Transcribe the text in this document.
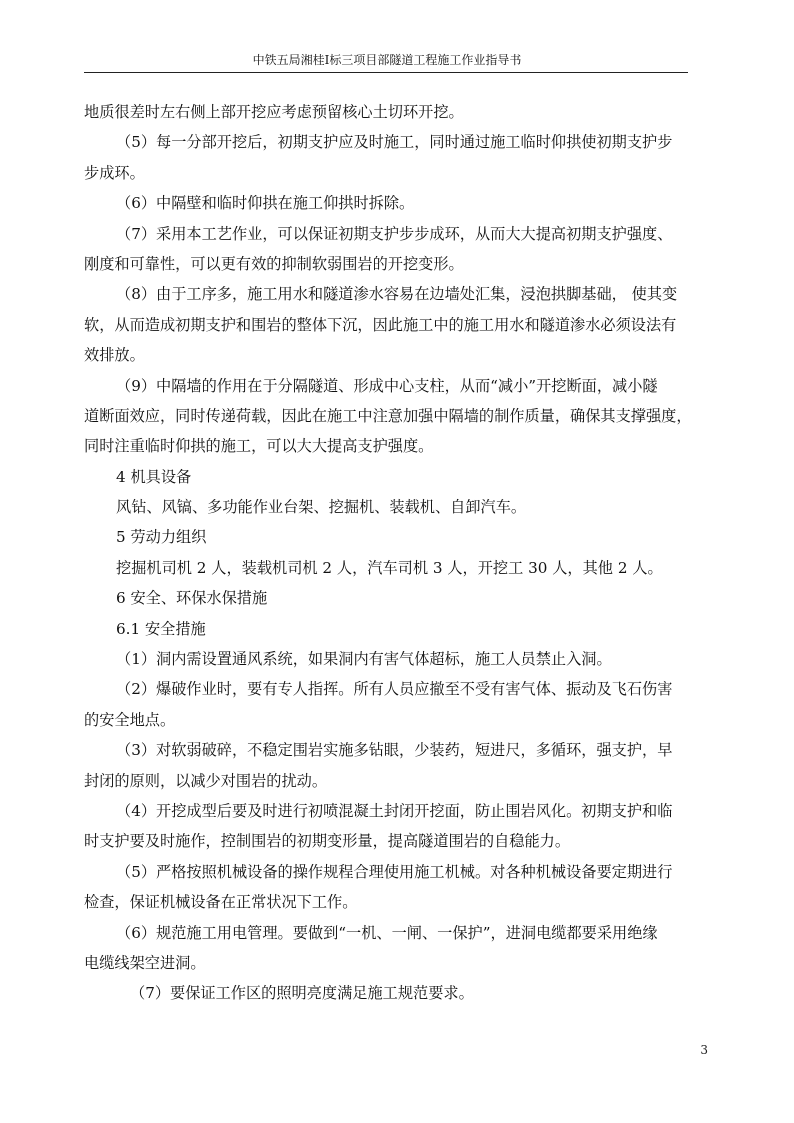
中铁五局湘桂Ⅰ标三项目部隧道工程施工作业指导书
地质很差时左右侧上部开挖应考虑预留核心土切环开挖。
（5）每一分部开挖后，初期支护应及时施工，同时通过施工临时仰拱使初期支护步
步成环。
（6）中隔壁和临时仰拱在施工仰拱时拆除。
（7）采用本工艺作业，可以保证初期支护步步成环，从而大大提高初期支护强度、
刚度和可靠性，可以更有效的抑制软弱围岩的开挖变形。
（8）由于工序多，施工用水和隧道渗水容易在边墙处汇集，浸泡拱脚基础， 使其变
软，从而造成初期支护和围岩的整体下沉，因此施工中的施工用水和隧道渗水必须设法有
效排放。
（9）中隔墙的作用在于分隔隧道、形成中心支柱，从而“减小”开挖断面，减小隧
道断面效应，同时传递荷载，因此在施工中注意加强中隔墙的制作质量，确保其支撑强度，
同时注重临时仰拱的施工，可以大大提高支护强度。
4 机具设备
风钻、风镐、多功能作业台架、挖掘机、装载机、自卸汽车。
5 劳动力组织
挖掘机司机 2 人，装载机司机 2 人，汽车司机 3 人，开挖工 30 人，其他 2 人。
6 安全、环保水保措施
6.1 安全措施
（1）洞内需设置通风系统，如果洞内有害气体超标，施工人员禁止入洞。
（2）爆破作业时，要有专人指挥。所有人员应撤至不受有害气体、振动及飞石伤害
的安全地点。
（3）对软弱破碎，不稳定围岩实施多钻眼，少装药，短进尺，多循环，强支护，早
封闭的原则，以减少对围岩的扰动。
（4）开挖成型后要及时进行初喷混凝土封闭开挖面，防止围岩风化。初期支护和临
时支护要及时施作，控制围岩的初期变形量，提高隧道围岩的自稳能力。
（5）严格按照机械设备的操作规程合理使用施工机械。对各种机械设备要定期进行
检查，保证机械设备在正常状况下工作。
（6）规范施工用电管理。要做到“一机、一闸、一保护”，进洞电缆都要采用绝缘
电缆线架空进洞。
（7）要保证工作区的照明亮度满足施工规范要求。
3
